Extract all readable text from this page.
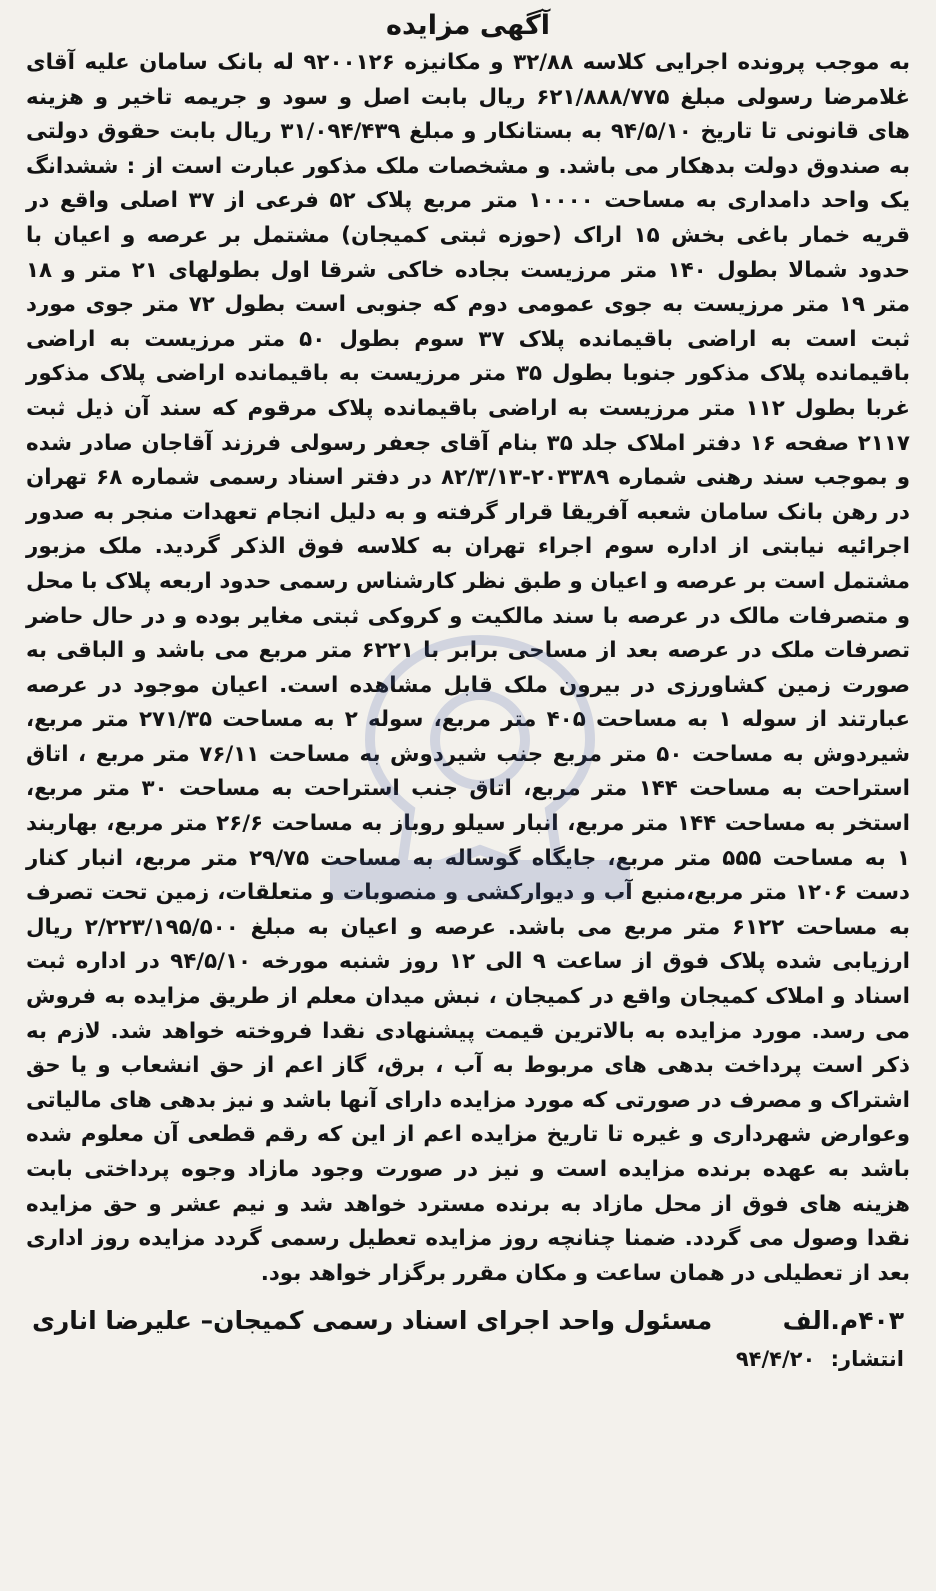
آگهی مزایده

به موجب پرونده اجرایی کلاسه ۳۲/۸۸ و مکانیزه ۹۲۰۰۱۲۶ له بانک سامان علیه آقای غلامرضا رسولی مبلغ ۶۲۱/۸۸۸/۷۷۵ ریال بابت اصل و سود و جریمه تاخیر و هزینه های قانونی تا تاریخ ۹۴/۵/۱۰ به بستانکار و مبلغ ۳۱/۰۹۴/۴۳۹ ریال بابت حقوق دولتی به صندوق دولت بدهکار می باشد. و مشخصات ملک مذکور عبارت است از : ششدانگ یک واحد دامداری به مساحت ۱۰۰۰۰ متر مربع پلاک ۵۲ فرعی از ۳۷ اصلی واقع در قریه خمار باغی بخش ۱۵ اراک (حوزه ثبتی کمیجان) مشتمل بر عرصه و اعیان با حدود شمالا بطول ۱۴۰ متر مرزیست بجاده خاکی شرقا اول بطولهای ۲۱ متر و ۱۸ متر ۱۹ متر مرزیست به جوی عمومی دوم که جنوبی است بطول ۷۲ متر جوی مورد ثبت است به اراضی باقیمانده پلاک ۳۷ سوم بطول ۵۰ متر مرزیست به اراضی باقیمانده پلاک مذکور جنوبا بطول ۳۵ متر مرزیست به باقیمانده اراضی پلاک مذکور غربا بطول ۱۱۲ متر مرزیست به اراضی باقیمانده پلاک مرقوم که سند آن ذیل ثبت ۲۱۱۷ صفحه ۱۶ دفتر املاک جلد ۳۵ بنام آقای جعفر رسولی فرزند آقاجان صادر شده و بموجب سند رهنی شماره ۲۰۳۳۸۹-۸۲/۳/۱۳ در دفتر اسناد رسمی شماره ۶۸ تهران در رهن بانک سامان شعبه آفریقا قرار گرفته و به دلیل انجام تعهدات منجر به صدور اجرائیه نیابتی از اداره سوم اجراء تهران به کلاسه فوق الذکر گردید. ملک مزبور مشتمل است بر عرصه و اعیان و طبق نظر کارشناس رسمی حدود اربعه پلاک با محل و متصرفات مالک در عرصه با سند مالکیت و کروکی ثبتی مغایر بوده و در حال حاضر تصرفات ملک در عرصه بعد از مساحی برابر با ۶۲۲۱ متر مربع می باشد و الباقی به صورت زمین کشاورزی در بیرون ملک قابل مشاهده است. اعیان موجود در عرصه عبارتند از سوله ۱ به مساحت ۴۰۵ متر مربع، سوله ۲ به مساحت ۲۷۱/۳۵ متر مربع، شیردوش به مساحت ۵۰ متر مربع جنب شیردوش به مساحت ۷۶/۱۱ متر مربع ، اتاق استراحت به مساحت ۱۴۴ متر مربع، اتاق جنب استراحت به مساحت ۳۰ متر مربع، استخر به مساحت ۱۴۴ متر مربع، انبار سیلو روباز به مساحت ۲۶/۶ متر مربع، بهاربند ۱ به مساحت ۵۵۵ متر مربع، جایگاه گوساله به مساحت ۲۹/۷۵ متر مربع، انبار کنار دست ۱۲۰۶ متر مربع،منبع آب و دیوارکشی و منصوبات و متعلقات، زمین تحت تصرف به مساحت ۶۱۲۲ متر مربع می باشد. عرصه و اعیان به مبلغ ۲/۲۲۳/۱۹۵/۵۰۰ ریال ارزیابی شده پلاک فوق از ساعت ۹ الی ۱۲ روز شنبه مورخه ۹۴/۵/۱۰ در اداره ثبت اسناد و املاک کمیجان واقع در کمیجان ، نبش میدان معلم از طریق مزایده به فروش می رسد. مورد مزایده به بالاترین قیمت پیشنهادی نقدا فروخته خواهد شد. لازم به ذکر است پرداخت بدهی های مربوط به آب ، برق، گاز اعم از حق انشعاب و یا حق اشتراک و مصرف در صورتی که مورد مزایده دارای آنها باشد و نیز بدهی های مالیاتی وعوارض شهرداری و غیره تا تاریخ مزایده اعم از این که رقم قطعی آن معلوم شده باشد به عهده برنده مزایده است و نیز در صورت وجود مازاد وجوه پرداختی بابت هزینه های فوق از محل مازاد به برنده مسترد خواهد شد و نیم عشر و حق مزایده نقدا وصول می گردد. ضمنا چنانچه روز مزایده تعطیل رسمی گردد مزایده روز اداری بعد از تعطیلی در همان ساعت و مکان مقرر برگزار خواهد بود.

۴۰۳م.الف
مسئول واحد اجرای اسناد رسمی کمیجان– علیرضا اناری
انتشار: ۹۴/۴/۲۰
